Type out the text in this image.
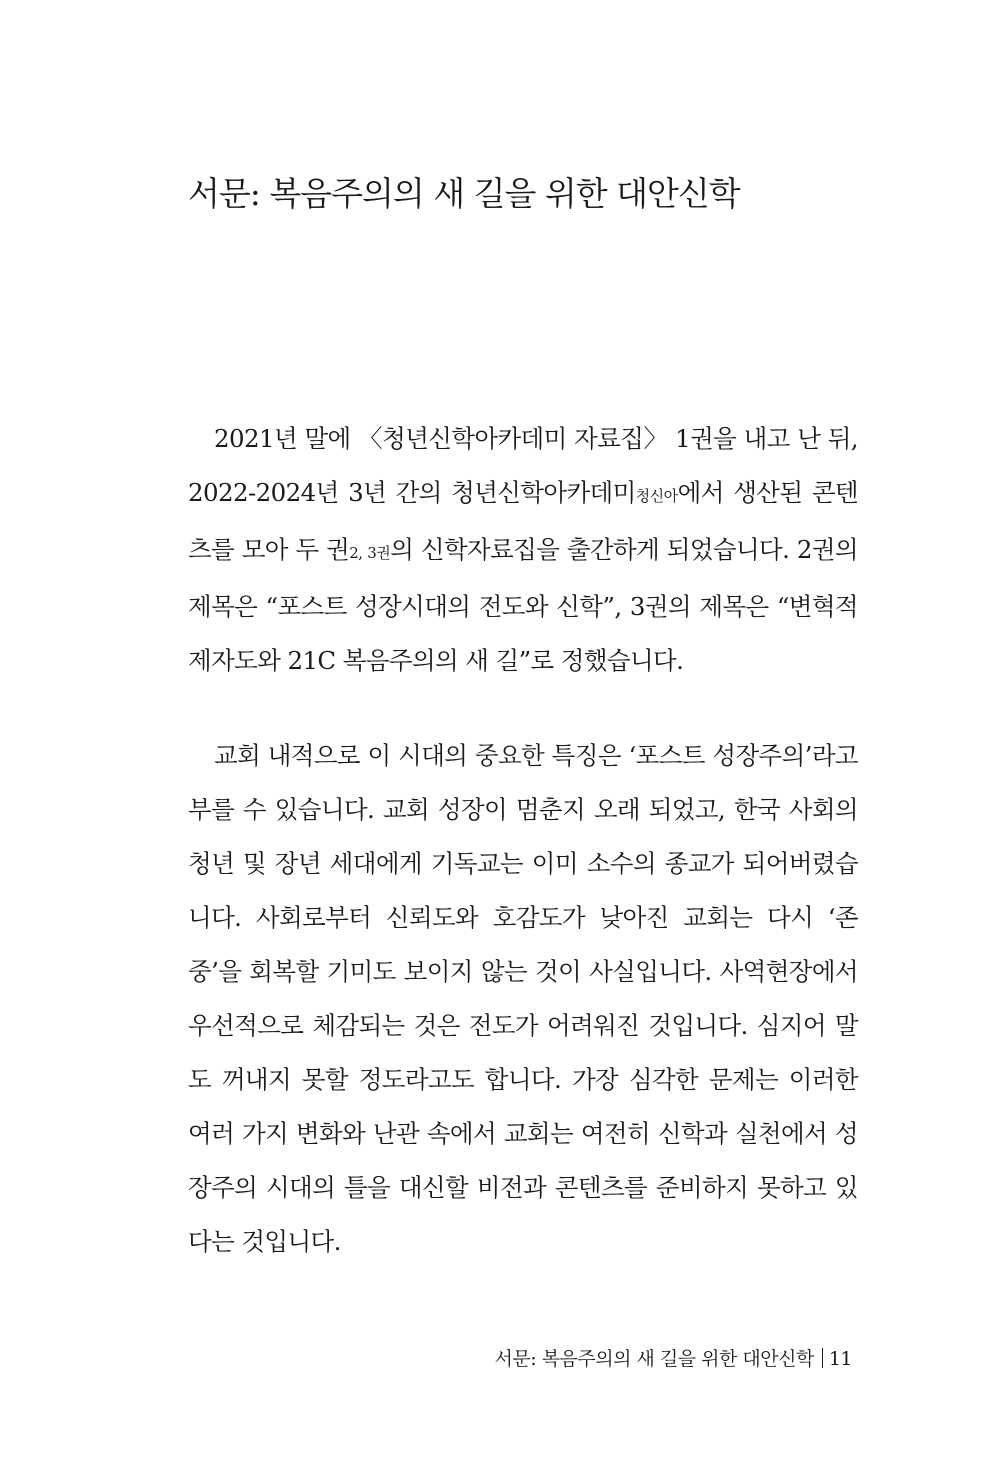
서문: 복음주의의 새 길을 위한 대안신학

2021년 말에 〈청년신학아카데미 자료집〉 1권을 내고 난 뒤, 2022-2024년 3년 간의 청년신학아카데미청신아에서 생산된 콘텐츠를 모아 두 권2, 3권의 신학자료집을 출간하게 되었습니다. 2권의 제목은 “포스트 성장시대의 전도와 신학”, 3권의 제목은 “변혁적 제자도와 21C 복음주의의 새 길”로 정했습니다.

교회 내적으로 이 시대의 중요한 특징은 ‘포스트 성장주의’라고 부를 수 있습니다. 교회 성장이 멈춘지 오래 되었고, 한국 사회의 청년 및 장년 세대에게 기독교는 이미 소수의 종교가 되어버렸습니다. 사회로부터 신뢰도와 호감도가 낮아진 교회는 다시 ‘존중’을 회복할 기미도 보이지 않는 것이 사실입니다. 사역현장에서 우선적으로 체감되는 것은 전도가 어려워진 것입니다. 심지어 말도 꺼내지 못할 정도라고도 합니다. 가장 심각한 문제는 이러한 여러 가지 변화와 난관 속에서 교회는 여전히 신학과 실천에서 성장주의 시대의 틀을 대신할 비전과 콘텐츠를 준비하지 못하고 있다는 것입니다.

서문: 복음주의의 새 길을 위한 대안신학 11
